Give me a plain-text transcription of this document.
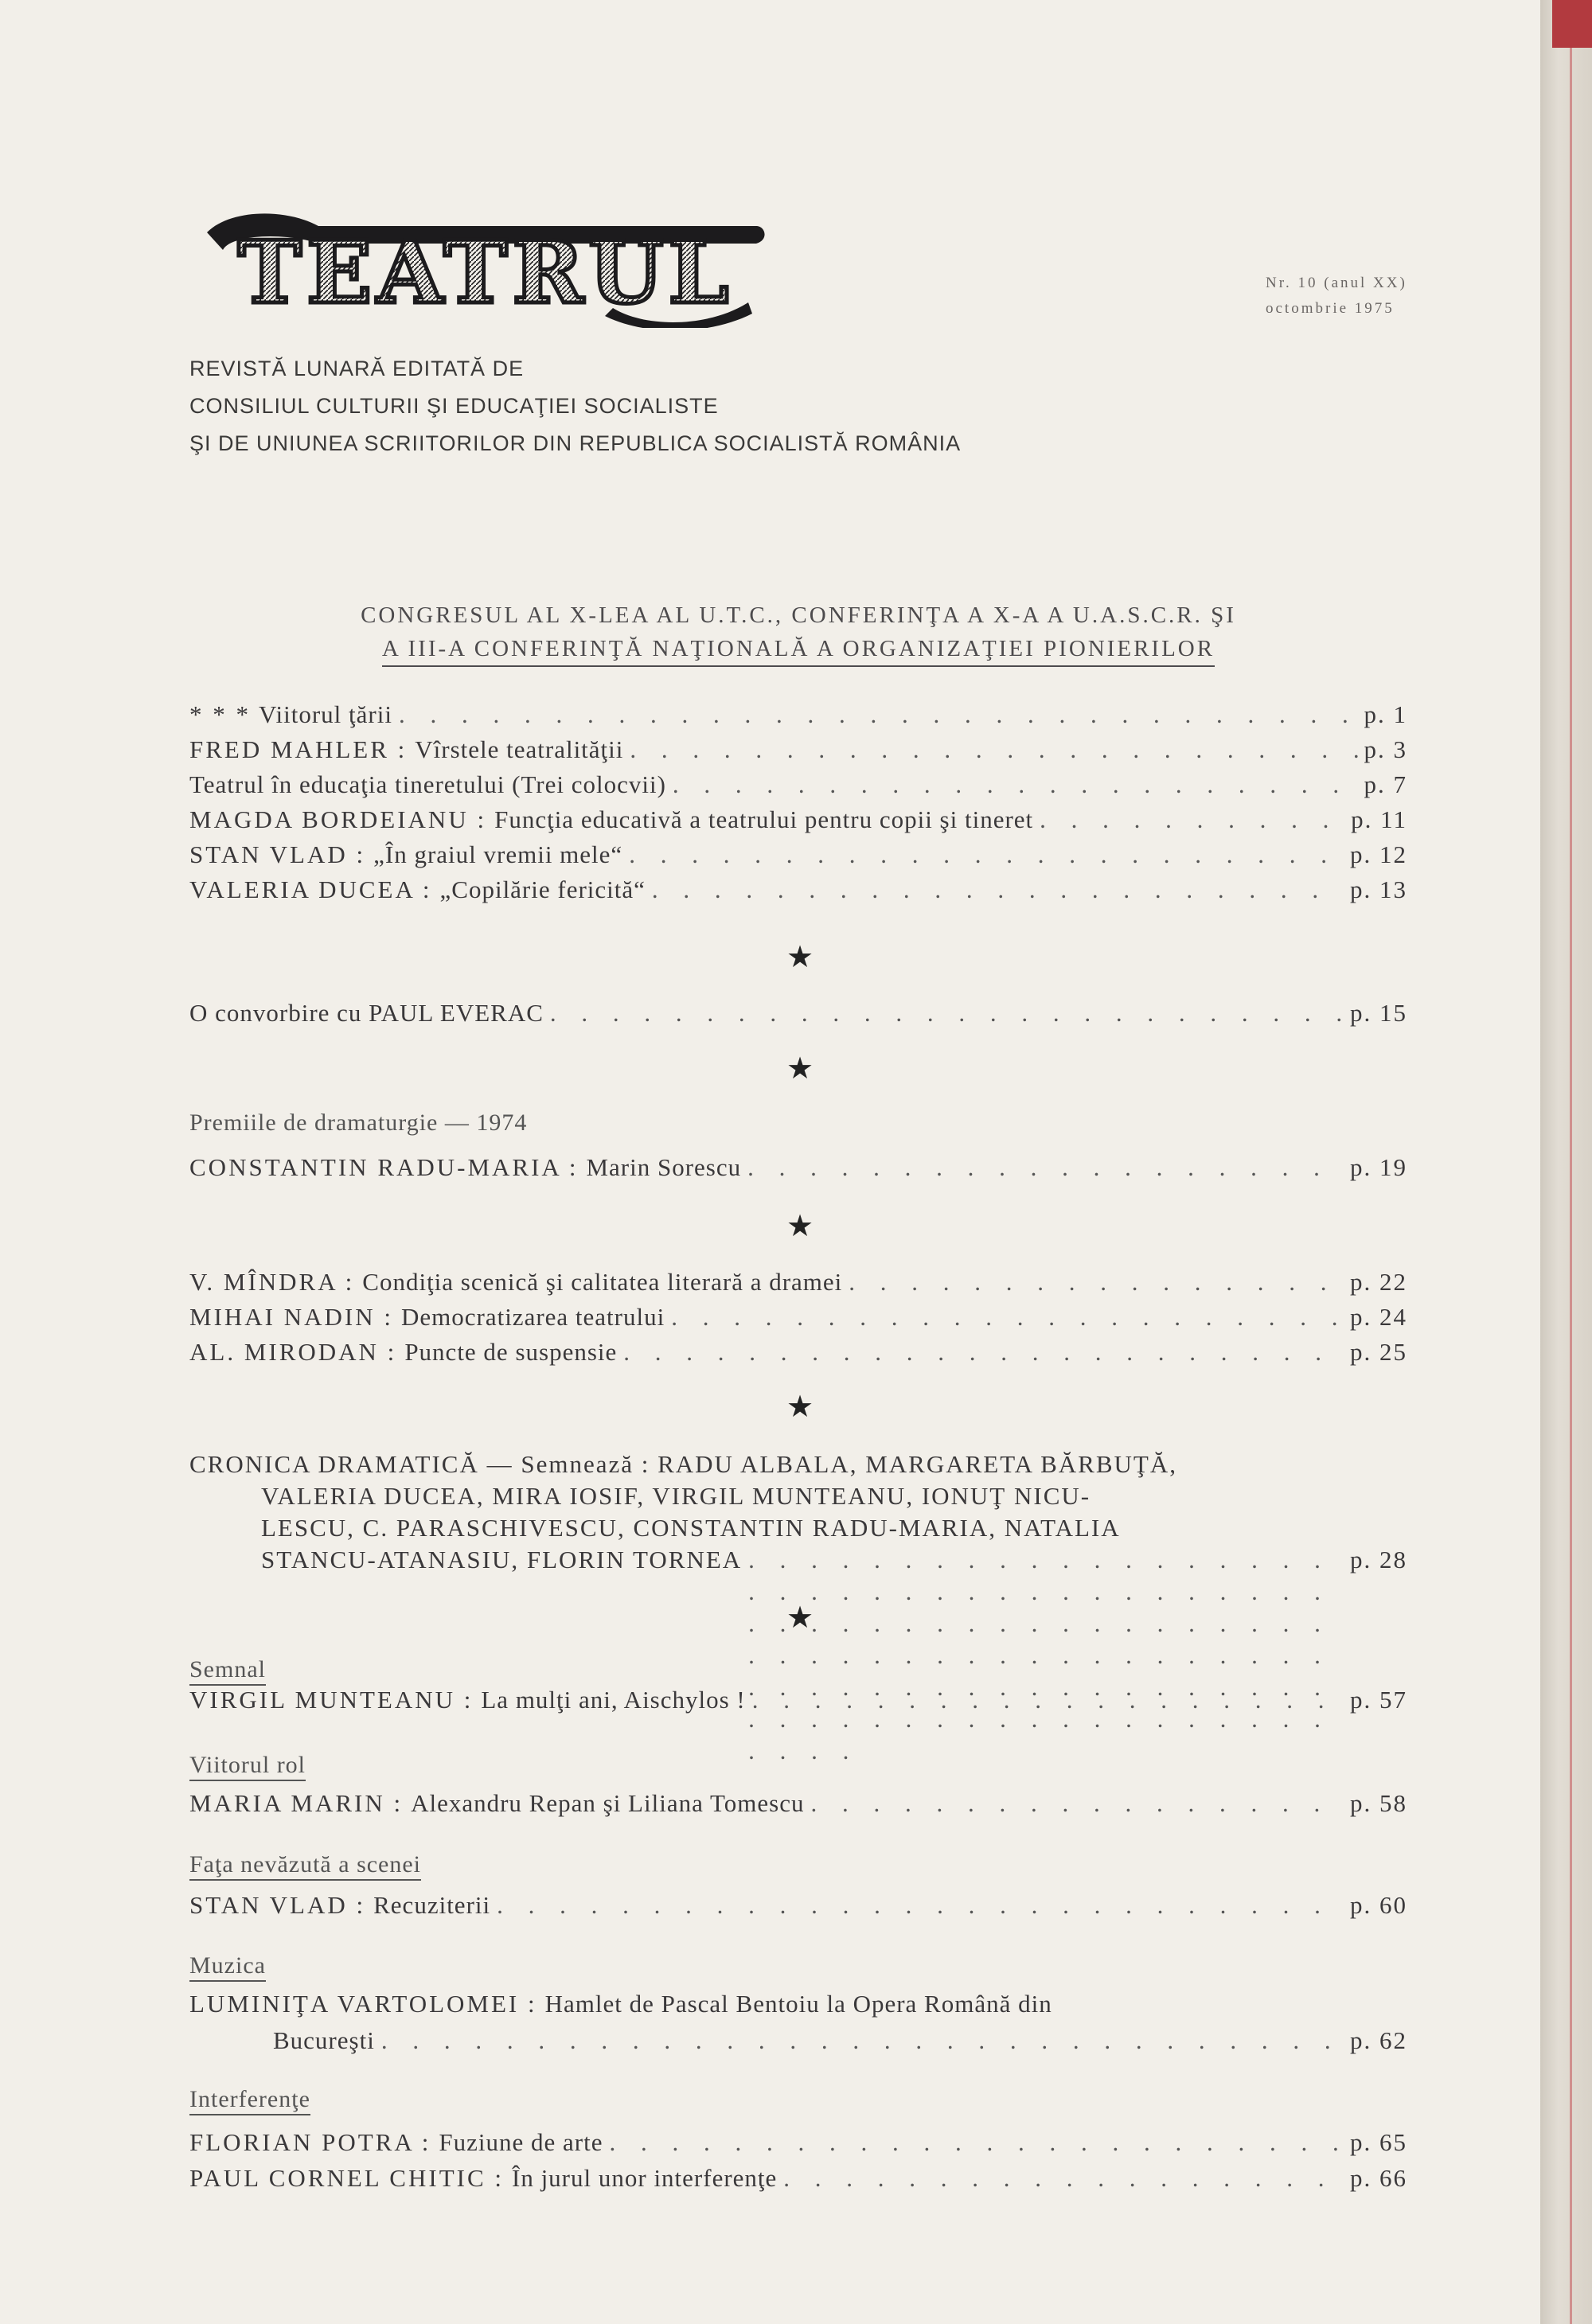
TEATRUL	Nr. 10 (anul XX)
octombrie 1975
REVISTĂ LUNARĂ EDITATĂ DE
CONSILIUL CULTURII ŞI EDUCAŢIEI SOCIALISTE
ŞI DE UNIUNEA SCRIITORILOR DIN REPUBLICA SOCIALISTĂ ROMÂNIA
CONGRESUL AL X-LEA AL U.T.C., CONFERINŢA A X-A A U.A.S.C.R. ŞI
A III-A CONFERINŢĂ NAŢIONALĂ A ORGANIZAŢIEI PIONIERILOR
* * * Viitorul ţării . . .	p. 1
FRED MAHLER : Vîrstele teatralităţii . . .	p. 3
Teatrul în educaţia tineretului (Trei colocvii) . . .	p. 7
MAGDA BORDEIANU : Funcţia educativă a teatrului pentru copii şi tineret . . .	p. 11
STAN VLAD : „În graiul vremii mele“ . . .	p. 12
VALERIA DUCEA : „Copilărie fericită“ . . .	p. 13
★
O convorbire cu PAUL EVERAC . . .	p. 15
★
Premiile de dramaturgie — 1974
CONSTANTIN RADU-MARIA : Marin Sorescu . . .	p. 19
★
V. MÎNDRA : Condiţia scenică şi calitatea literară a dramei . . .	p. 22
MIHAI NADIN : Democratizarea teatrului . . .	p. 24
AL. MIRODAN : Puncte de suspensie . . .	p. 25
★
CRONICA DRAMATICĂ — Semnează : RADU ALBALA, MARGARETA BĂRBUŢĂ,
VALERIA DUCEA, MIRA IOSIF, VIRGIL MUNTEANU, IONUŢ NICU-
LESCU, C. PARASCHIVESCU, CONSTANTIN RADU-MARIA, NATALIA
STANCU-ATANASIU, FLORIN TORNEA . . .	p. 28
★
Semnal
VIRGIL MUNTEANU : La mulţi ani, Aischylos ! . . .	p. 57
Viitorul rol
MARIA MARIN : Alexandru Repan şi Liliana Tomescu . . .	p. 58
Faţa nevăzută a scenei
STAN VLAD : Recuziterii . . .	p. 60
Muzica
LUMINIŢA VARTOLOMEI : Hamlet de Pascal Bentoiu la Opera Română din
Bucureşti . . .	p. 62
Interferenţe
FLORIAN POTRA : Fuziune de arte . . .	p. 65
PAUL CORNEL CHITIC : În jurul unor interferenţe . . .	p. 66
